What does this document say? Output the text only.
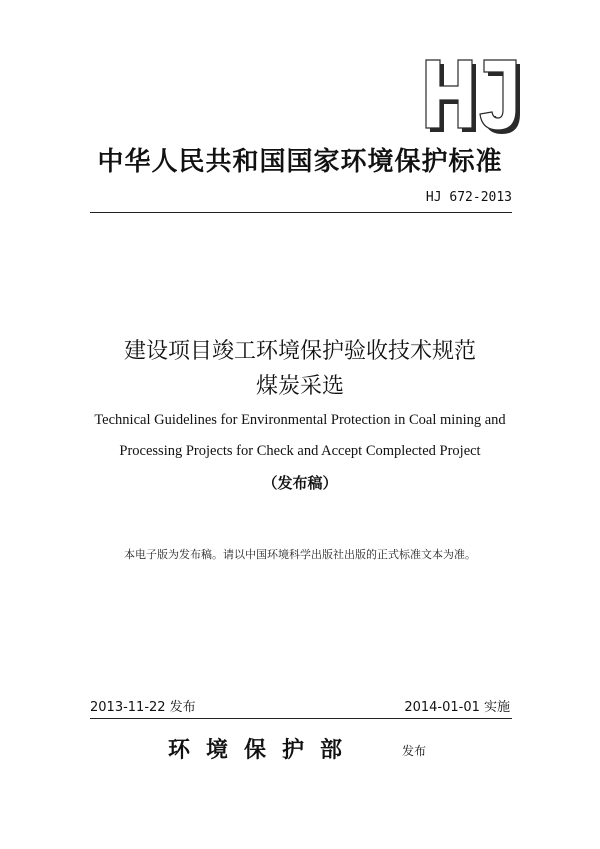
HJ
中华人民共和国国家环境保护标准
HJ 672-2013
建设项目竣工环境保护验收技术规范
煤炭采选
Technical Guidelines for Environmental Protection in Coal mining and
Processing Projects for Check and Accept Complected Project
（发布稿）
本电子版为发布稿。请以中国环境科学出版社出版的正式标准文本为准。
2013-11-22 发布	2014-01-01 实施
环境保护部	发布
